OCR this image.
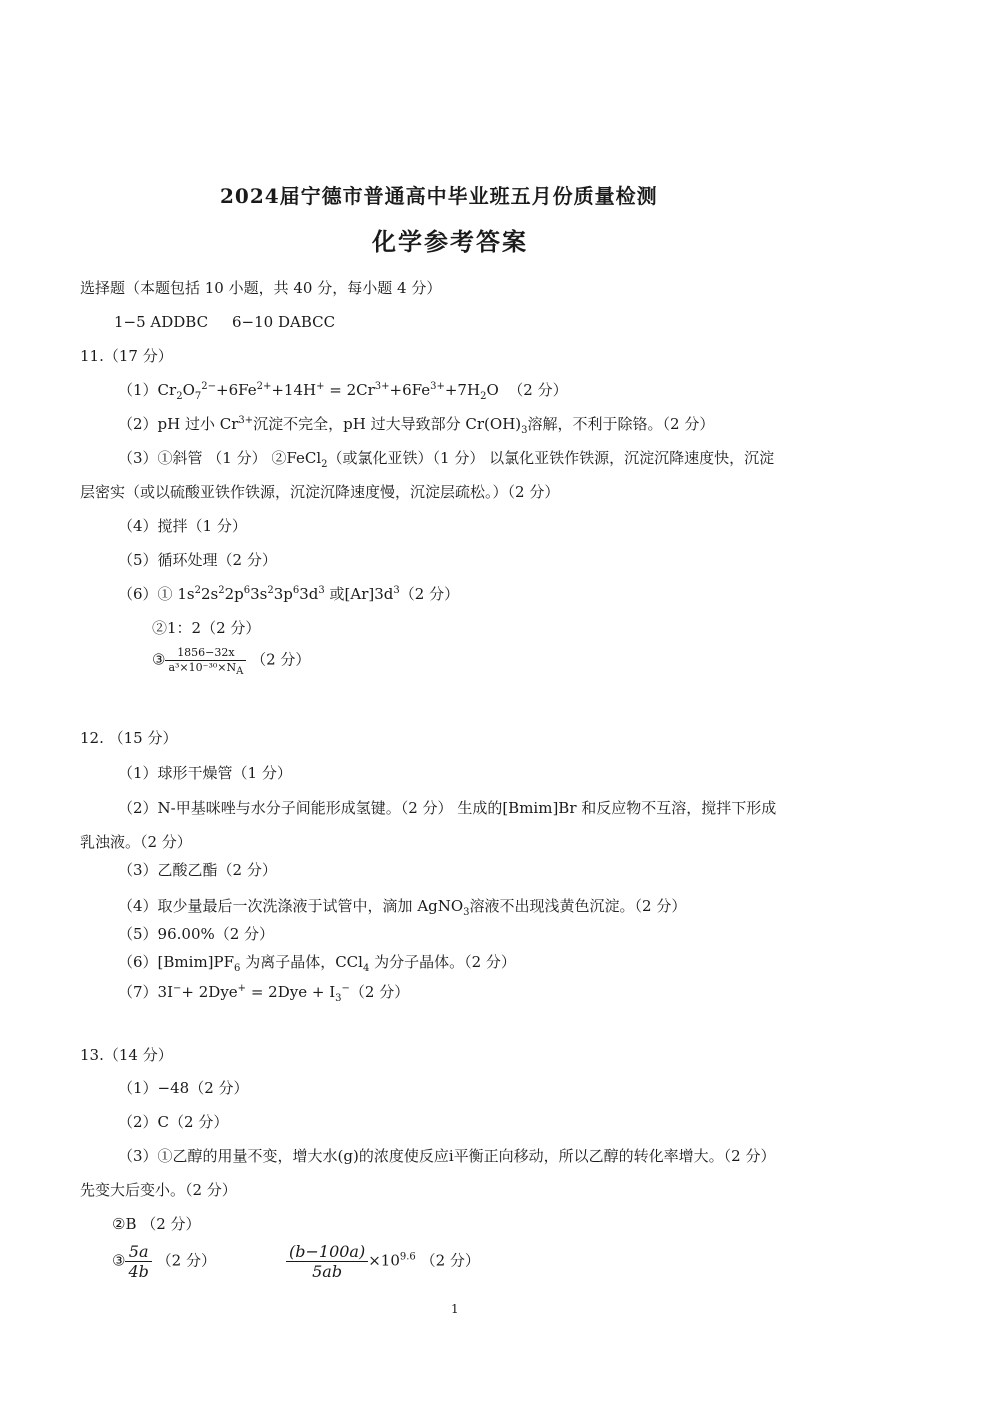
2024届宁德市普通高中毕业班五月份质量检测
化学参考答案
选择题（本题包括 10 小题，共 40 分，每小题 4 分）
1−5 ADDBC 6−10 DABCC
11.（17 分）
$(1)Cr_2O_7^{2-}+6Fe^{2+}+14H^+ = 2Cr^{3+}+6Fe^{3+}+7H_2O$  （2 分）
（2）pH 过小 $Cr^{3+}$沉淀不完全，pH 过大导致部分 $Cr(OH)_3$溶解，不利于除铬。（2 分）
（3）①斜管 （1 分） ②FeCl$_2$（或氯化亚铁）（1 分） 以氯化亚铁作铁源，沉淀沉降速度快，沉淀
层密实（或以硫酸亚铁作铁源，沉淀沉降速度慢，沉淀层疏松。）（2 分）
（4）搅拌（1 分）
（5）循环处理（2 分）
（6）① $1s^22s^22p^63s^23p^63d^3$ 或$[Ar]3d^3(2$ 分）
②1：2（2 分）
③ $\frac{1856-32x}{a^3\times 10^{-30}\times N_A} (2$ 分）
12. （15 分）
（1）球形干燥管（1 分）
（2）N-甲基咪唑与水分子间能形成氢键。（2 分） 生成的[Bmim]Br 和反应物不互溶，搅拌下形成
乳浊液。（2 分）
（3）乙酸乙酯（2 分）
（4）取少量最后一次洗涤液于试管中，滴加 AgNO$_3$溶液不出现浅黄色沉淀。（2 分）
（5）96.00%（2 分）
$(6)[Bmim]PF_6$ 为离子晶体，CCl$_4$ 为分子晶体。（2 分）
$(7)3I^-+ 2Dye^+ = 2Dye + I_3^-(2$ 分）
13.（14 分）
（1）−48（2 分）
（2）C（2 分）
（3）①乙醇的用量不变，增大水(g)的浓度使反应i平衡正向移动，所以乙醇的转化率增大。（2 分）
先变大后变小。（2 分）
②B （2 分）
③ $\frac{5a}{4b} (2$ 分）	$\frac{(b-100a)}{5ab} \times 10^{9.6}$ （2 分）
1
